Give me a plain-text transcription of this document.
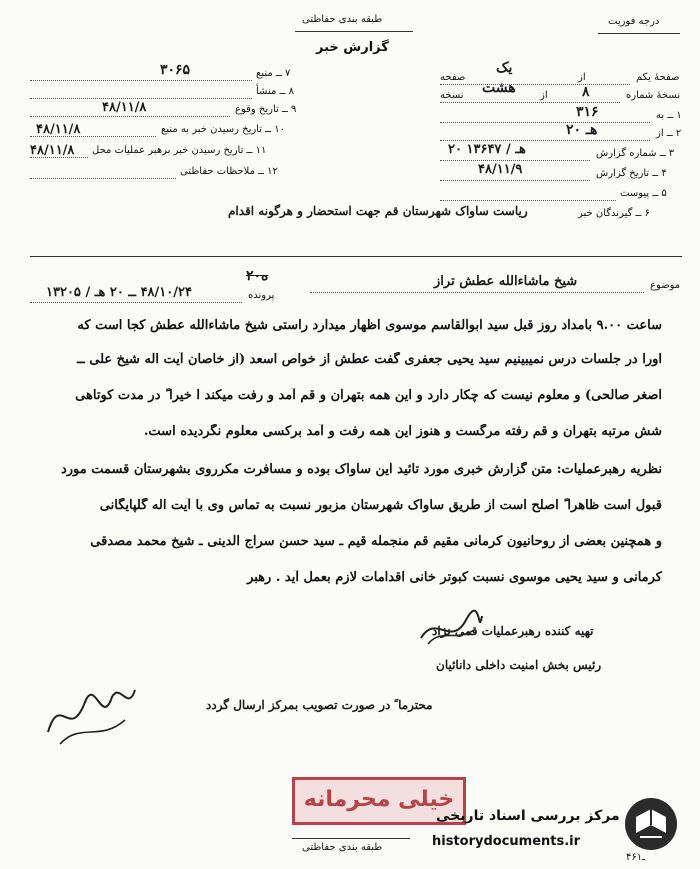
طبقه بندی حفاظتی
گزارش خبر
درجه فوریت
۷ ــ منبع
۳۰۶۵
۸ ــ منشأ
۹ ــ تاریخ وقوع
۴۸/۱۱/۸
۱۰ ــ تاریخ رسیدن خبر به منبع
۴۸/۱۱/۸
۱۱ ــ تاریخ رسیدن خبر برهبر عملیات محل
۴۸/۱۱/۸
۱۲ ــ ملاحظات حفاظتی
صفحهٔ یکم
از
یک
صفحه
نسخهٔ شماره
۸
از
هشت
نسخه
۱ ــ به
۳۱۶
۲ ــ از
۲۰ هـ
۳ ــ شماره گزارش
۲۰ هـ / ۱۳۶۴۷
۴ ــ تاریخ گزارش
۴۸/۱۱/۹
۵ ــ پیوست
۶ ــ گیرندگان خبر
ریاست ساواک شهرستان قم جهت استحضار و هرگونه اقدام
موضوع
شیخ ماشاءالله عطش تراز
پرونده
۲۰ه
۴۸/۱۰/۲۴ ــ ۲۰ هـ / ۱۳۲۰۵
ساعت ۹.۰۰ بامداد روز قبل سید ابوالقاسم موسوی اظهار میدارد راستی شیخ ماشاءالله عطش کجا است که
اورا در جلسات درس نمیبینیم سید یحیی جعفری گفت عطش از خواص اسعد (از خاصان آیت اله شیخ علی ــ
اصغر صالحی) و معلوم نیست که چکار دارد و این همه بتهران و قم آمد و رفت میکند ا خیرا ً در مدت کوتاهی
شش مرتبه بتهران و قم رفته مرگست و هنوز این همه رفت و آمد برکسی معلوم نگردیده است.
نظریه رهبرعملیات: متن گزارش خبری مورد تائید این ساواک بوده و مسافرت مکرروی بشهرستان قسمت مورد
قبول است ظاهرا ً اصلح است از طریق ساواک شهرستان مزبور نسبت به تماس وی با آیت اله گلپایگانی
و همچنین بعضی از روحانیون کرمانی مقیم قم منجمله قیم ـ سید حسن سراج الدینی ـ شیخ محمد مصدقی
کرمانی و سید یحیی موسوی نسبت کبوتر خانی اقدامات لازم بعمل آید . رهبر
تهیه کننده رهبرعملیات قمی نژاد
رئیس بخش امنیت داخلی دانائیان
محترما ً در صورت تصویب بمرکز ارسال گردد
خیلی محرمانه
طبقه بندی حفاظتی
مرکز بررسی اسناد تاریخی
historydocuments.ir
۴۶ـ۱
